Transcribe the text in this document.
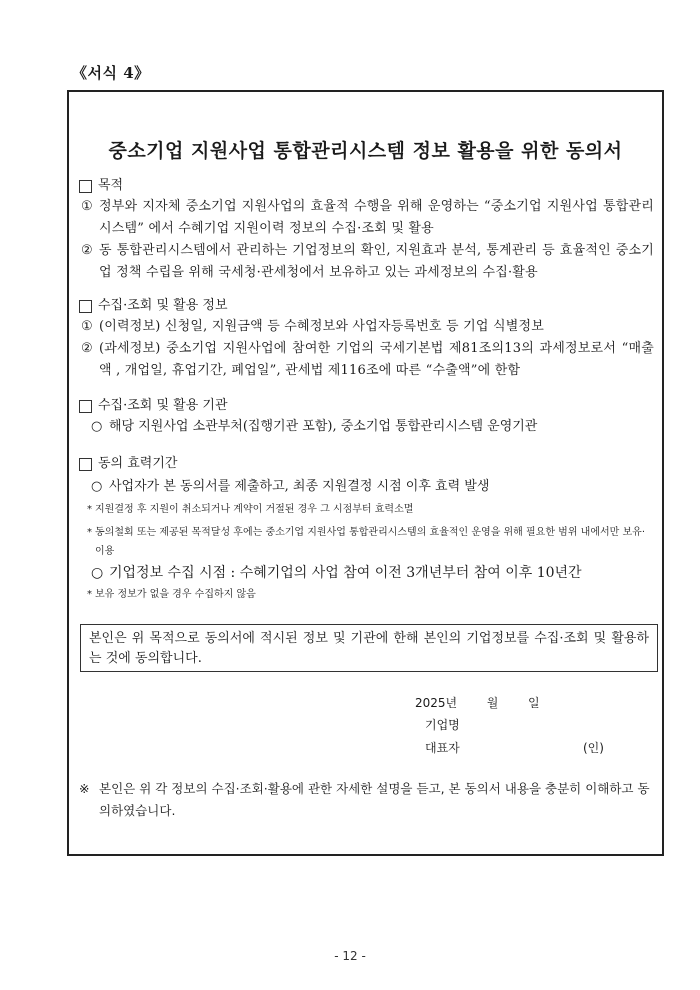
《서식 4》
중소기업 지원사업 통합관리시스템 정보 활용을 위한 동의서
목적
① 정부와 지자체 중소기업 지원사업의 효율적 수행을 위해 운영하는 “중소기업 지원사업 통합관리시스템” 에서 수혜기업 지원이력 정보의 수집·조회 및 활용
② 동 통합관리시스템에서 관리하는 기업정보의 확인, 지원효과 분석, 통계관리 등 효율적인 중소기업 정책 수립을 위해 국세청·관세청에서 보유하고 있는 과세정보의 수집·활용
수집·조회 및 활용 정보
① (이력정보) 신청일, 지원금액 등 수혜정보와 사업자등록번호 등 기업 식별정보
② (과세정보) 중소기업 지원사업에 참여한 기업의 국세기본법 제81조의13의 과세정보로서 “매출액 , 개업일, 휴업기간, 폐업일”, 관세법 제116조에 따른 “수출액”에 한함
수집·조회 및 활용 기관
○ 해당 지원사업 소관부처(집행기관 포함), 중소기업 통합관리시스템 운영기관
동의 효력기간
○ 사업자가 본 동의서를 제출하고, 최종 지원결정 시점 이후 효력 발생
* 지원결정 후 지원이 취소되거나 계약이 거절된 경우 그 시점부터 효력소멸
* 동의철회 또는 제공된 목적달성 후에는 중소기업 지원사업 통합관리시스템의 효율적인 운영을 위해 필요한 범위 내에서만 보유·이용
○ 기업정보 수집 시점 : 수혜기업의 사업 참여 이전 3개년부터 참여 이후 10년간
* 보유 정보가 없을 경우 수집하지 않음
본인은 위 목적으로 동의서에 적시된 정보 및 기관에 한해 본인의 기업정보를 수집·조회 및 활용하는 것에 동의합니다.
2025년 월 일
기업명
대표자	(인)
※ 본인은 위 각 정보의 수집·조회·활용에 관한 자세한 설명을 듣고, 본 동의서 내용을 충분히 이해하고 동의하였습니다.
- 12 -
